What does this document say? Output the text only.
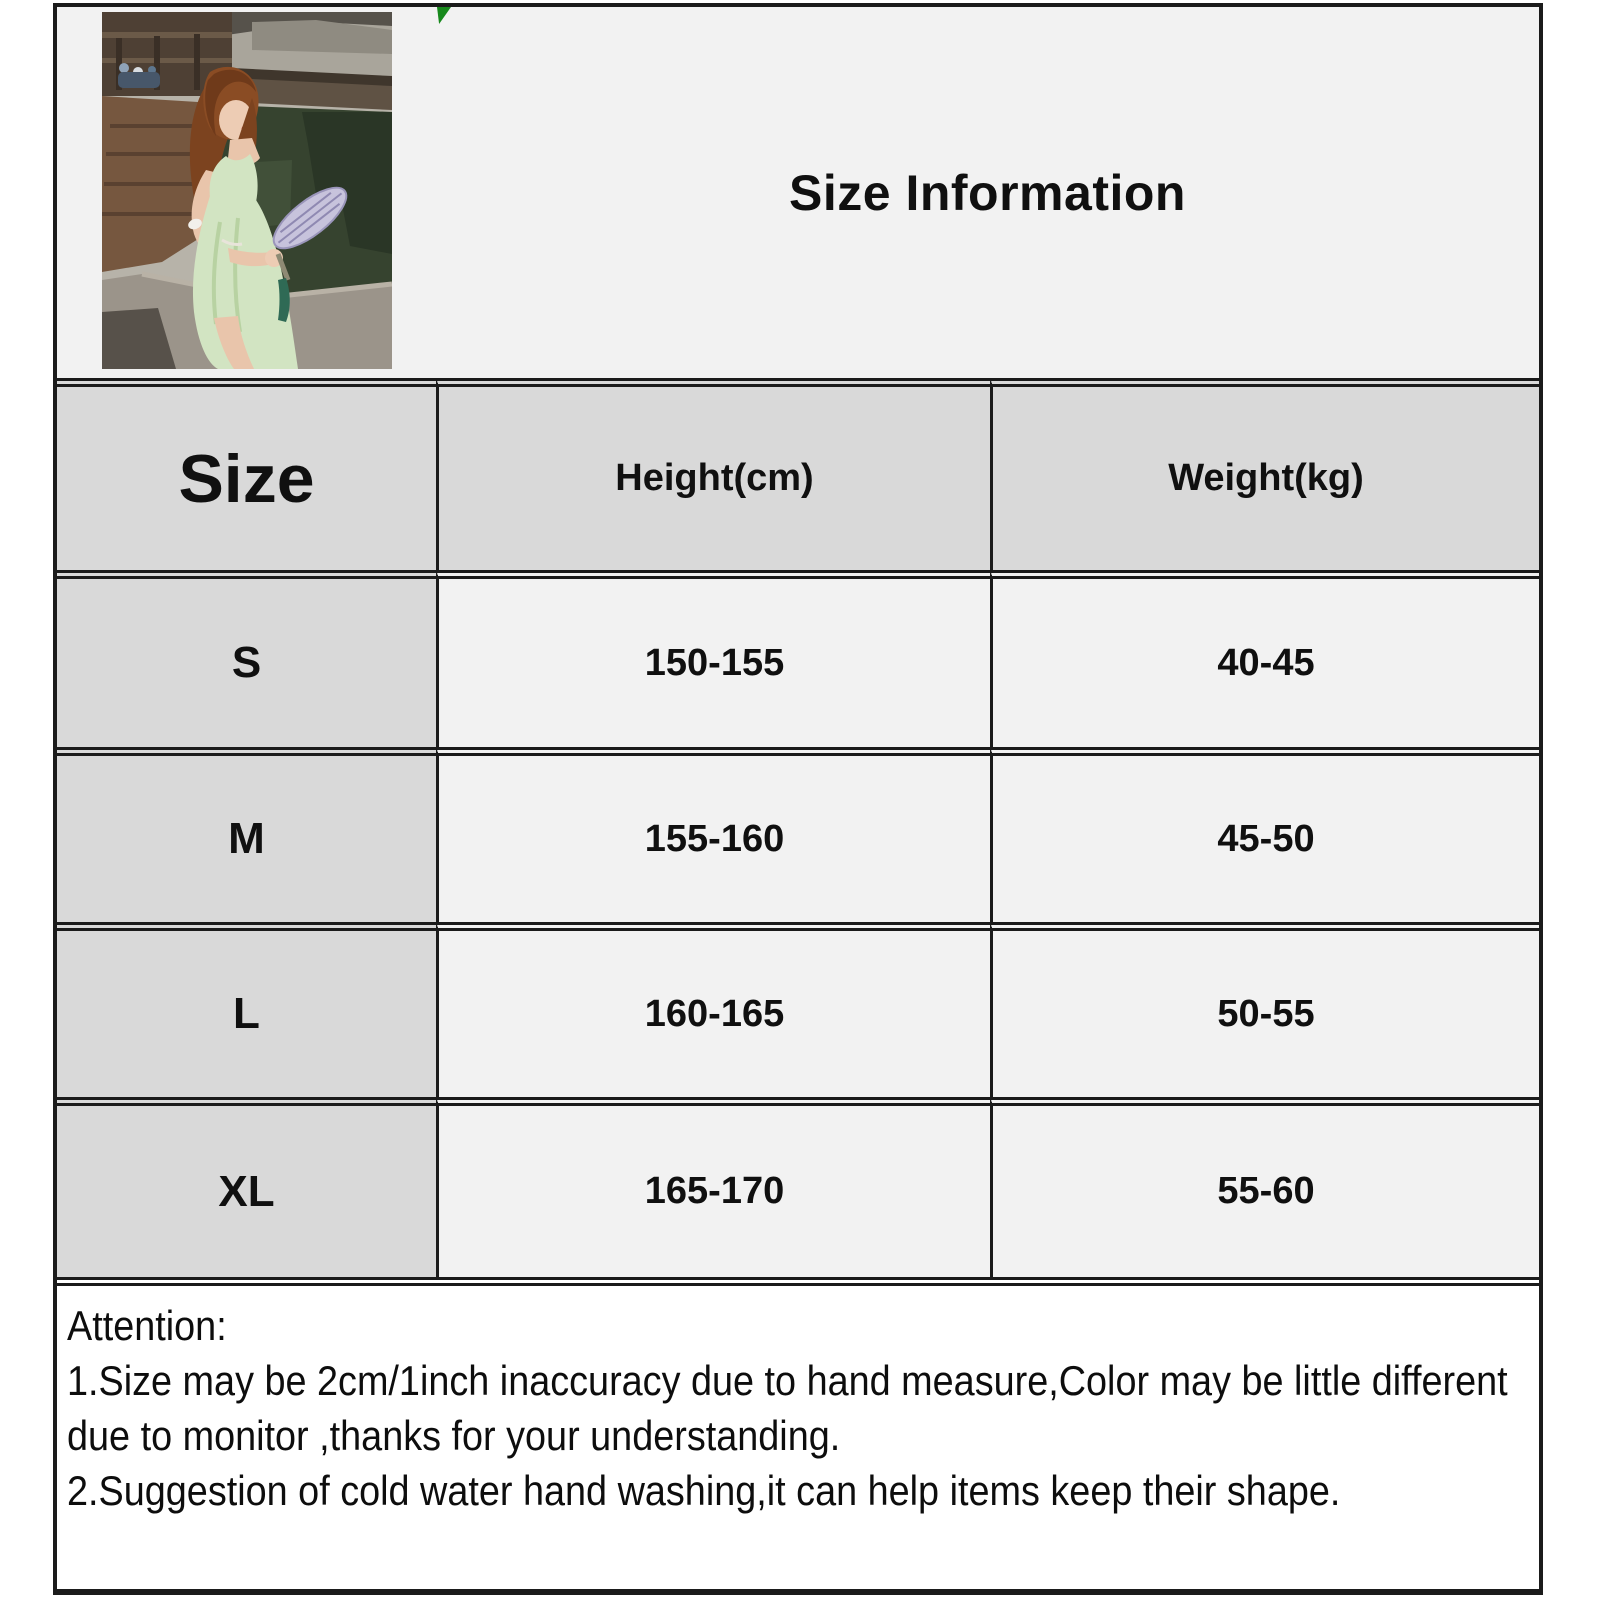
Size Information
Size	Height(cm)	Weight(kg)
S	150-155	40-45
M	155-160	45-50
L	160-165	50-55
XL	165-170	55-60

Attention:

1.Size may be 2cm/1inch inaccuracy due to hand measure,Color may be little different due to monitor ,thanks for your understanding.

2.Suggestion of cold water hand washing,it can help items keep their shape.
